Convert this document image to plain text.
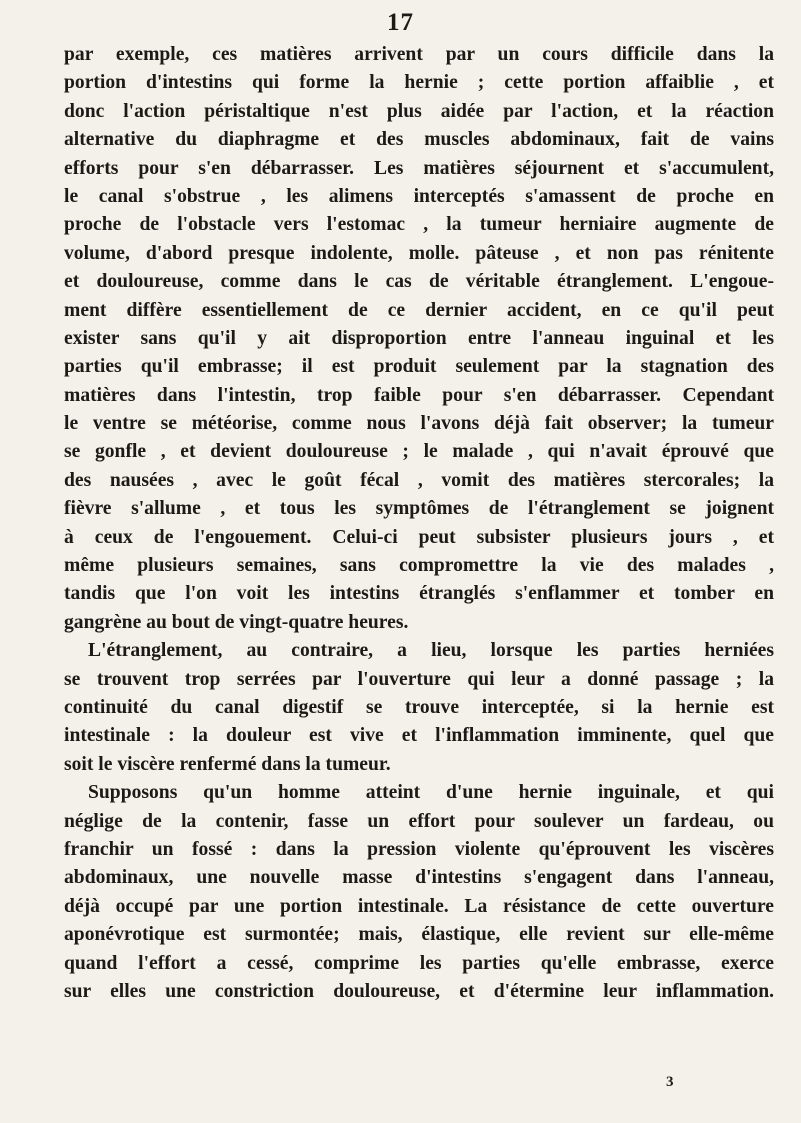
17
par exemple, ces matières arrivent par un cours difficile dans la
portion d'intestins qui forme la hernie ; cette portion affaiblie , et
donc l'action péristaltique n'est plus aidée par l'action, et la réaction
alternative du diaphragme et des muscles abdominaux, fait de vains
efforts pour s'en débarrasser. Les matières séjournent et s'accumulent,
le canal s'obstrue , les alimens interceptés s'amassent de proche en
proche de l'obstacle vers l'estomac , la tumeur herniaire augmente de
volume, d'abord presque indolente, molle. pâteuse , et non pas rénitente
et douloureuse, comme dans le cas de véritable étranglement. L'engoue-
ment diffère essentiellement de ce dernier accident, en ce qu'il peut
exister sans qu'il y ait disproportion entre l'anneau inguinal et les
parties qu'il embrasse; il est produit seulement par la stagnation des
matières dans l'intestin, trop faible pour s'en débarrasser. Cependant
le ventre se météorise, comme nous l'avons déjà fait observer; la tumeur
se gonfle , et devient douloureuse ; le malade , qui n'avait éprouvé que
des nausées , avec le goût fécal , vomit des matières stercorales; la
fièvre s'allume , et tous les symptômes de l'étranglement se joignent
à ceux de l'engouement. Celui-ci peut subsister plusieurs jours , et
même plusieurs semaines, sans compromettre la vie des malades ,
tandis que l'on voit les intestins étranglés s'enflammer et tomber en
gangrène au bout de vingt-quatre heures.
L'étranglement, au contraire, a lieu, lorsque les parties herniées
se trouvent trop serrées par l'ouverture qui leur a donné passage ; la
continuité du canal digestif se trouve interceptée, si la hernie est
intestinale : la douleur est vive et l'inflammation imminente, quel que
soit le viscère renfermé dans la tumeur.
Supposons qu'un homme atteint d'une hernie inguinale, et qui
néglige de la contenir, fasse un effort pour soulever un fardeau, ou
franchir un fossé : dans la pression violente qu'éprouvent les viscères
abdominaux, une nouvelle masse d'intestins s'engagent dans l'anneau,
déjà occupé par une portion intestinale. La résistance de cette ouverture
aponévrotique est surmontée; mais, élastique, elle revient sur elle-même
quand l'effort a cessé, comprime les parties qu'elle embrasse, exerce
sur elles une constriction douloureuse, et d'étermine leur inflammation.
3
